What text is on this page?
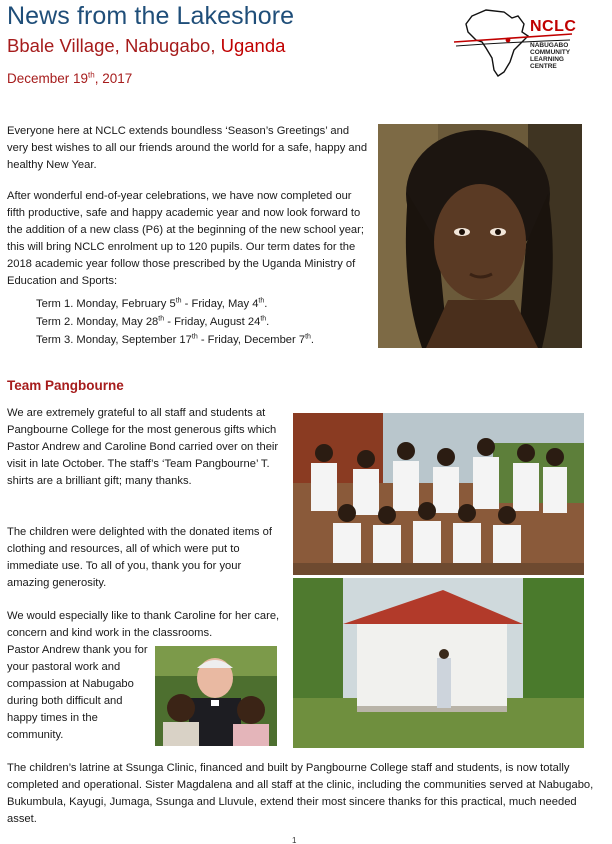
News from the Lakeshore
Bbale Village, Nabugabo, Uganda
December 19th, 2017
NCLC
NABUGABO
COMMUNITY
LEARNING
CENTRE

Everyone here at NCLC extends boundless ‘Season’s Greetings’ and very best wishes to all our friends around the world for a safe, happy and healthy New Year.

After wonderful end-of-year celebrations, we have now completed our fifth productive, safe and happy academic year and now look forward to the addition of a new class (P6) at the beginning of the new school year; this will bring NCLC enrolment up to 120 pupils. Our term dates for the 2018 academic year follow those prescribed by the Uganda Ministry of Education and Sports:

Term 1. Monday, February 5th - Friday, May 4th.
Term 2. Monday, May 28th - Friday, August 24th.
Term 3. Monday, September 17th - Friday, December 7th.
Team Pangbourne

We are extremely grateful to all staff and students at Pangbourne College for the most generous gifts which Pastor Andrew and Caroline Bond carried over on their visit in late October. The staff’s ‘Team Pangbourne’ T. shirts are a brilliant gift; many thanks.

The children were delighted with the donated items of clothing and resources, all of which were put to immediate use. To all of you, thank you for your amazing generosity.

We would especially like to thank Caroline for her care, concern and kind work in the classrooms.

Pastor Andrew thank you for your pastoral work and compassion at Nabugabo during both difficult and happy times in the community.

The children’s latrine at Ssunga Clinic, financed and built by Pangbourne College staff and students, is now totally completed and operational. Sister Magdalena and all staff at the clinic, including the communities served at Nabugabo, Bukumbula, Kayugi, Jumaga, Ssunga and Lluvule, extend their most sincere thanks for this practical, much needed asset.

1
